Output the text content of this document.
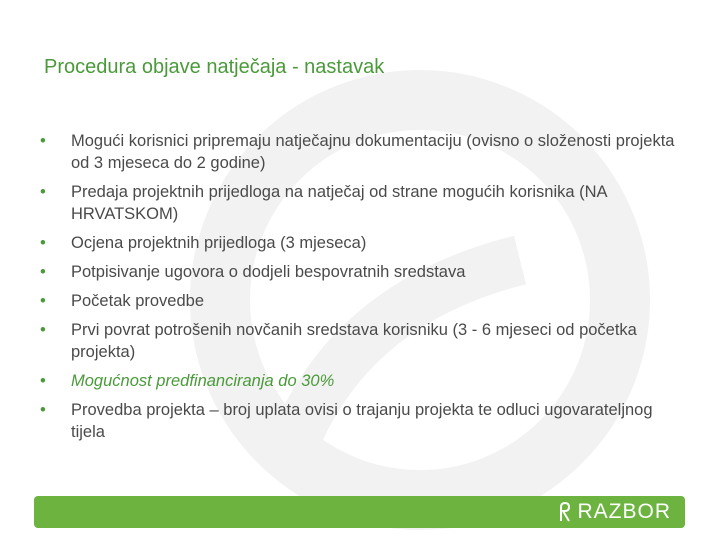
Procedura objave natječaja - nastavak
• Mogući korisnici pripremaju natječajnu dokumentaciju (ovisno o složenosti projekta od 3 mjeseca do 2 godine)
• Predaja projektnih prijedloga na natječaj od strane mogućih korisnika (NA HRVATSKOM)
• Ocjena projektnih prijedloga (3 mjeseca)
• Potpisivanje ugovora o dodjeli bespovratnih sredstava
• Početak provedbe
• Prvi povrat potrošenih novčanih sredstava korisniku (3 - 6 mjeseci od početka projekta)
• Mogućnost predfinanciranja do 30%
• Provedba projekta – broj uplata ovisi o trajanju projekta te odluci ugovarateljnog tijela
RAZBOR
